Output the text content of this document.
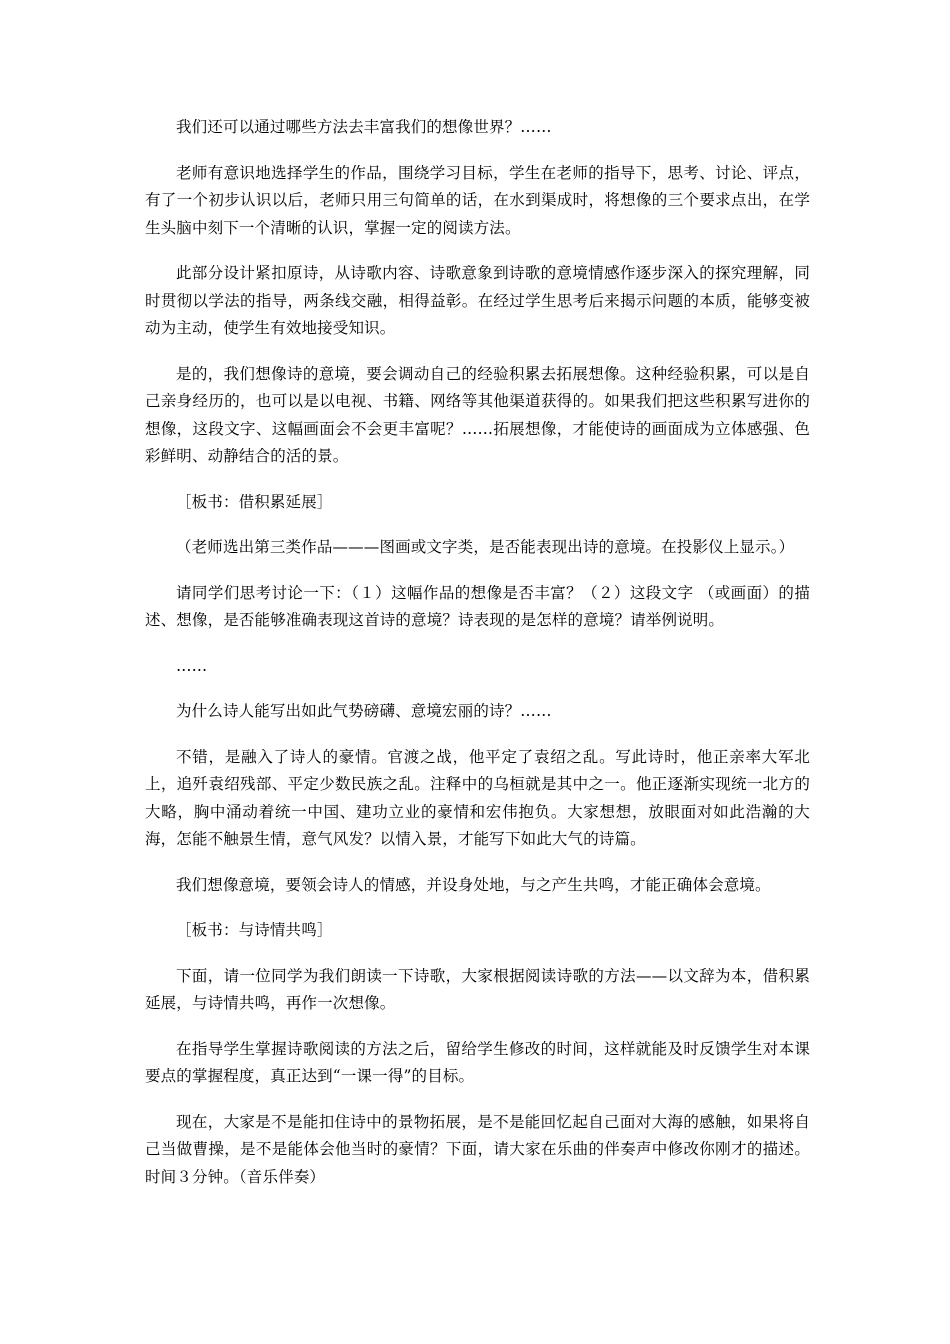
我们还可以通过哪些方法去丰富我们的想像世界？……

老师有意识地选择学生的作品，围绕学习目标，学生在老师的指导下，思考、讨论、评点，有了一个初步认识以后，老师只用三句简单的话，在水到渠成时，将想像的三个要求点出，在学生头脑中刻下一个清晰的认识，掌握一定的阅读方法。

此部分设计紧扣原诗，从诗歌内容、诗歌意象到诗歌的意境情感作逐步深入的探究理解，同时贯彻以学法的指导，两条线交融，相得益彰。在经过学生思考后来揭示问题的本质，能够变被动为主动，使学生有效地接受知识。

是的，我们想像诗的意境，要会调动自己的经验积累去拓展想像。这种经验积累，可以是自己亲身经历的，也可以是以电视、书籍、网络等其他渠道获得的。如果我们把这些积累写进你的想像，这段文字、这幅画面会不会更丰富呢？……拓展想像，才能使诗的画面成为立体感强、色彩鲜明、动静结合的活的景。

［板书：借积累延展］

（老师选出第三类作品———图画或文字类，是否能表现出诗的意境。在投影仪上显示。）

请同学们思考讨论一下：（１）这幅作品的想像是否丰富？（２）这段文字 （或画面）的描述、想像，是否能够准确表现这首诗的意境？诗表现的是怎样的意境？请举例说明。

……

为什么诗人能写出如此气势磅礴、意境宏丽的诗？……

不错，是融入了诗人的豪情。官渡之战，他平定了袁绍之乱。写此诗时，他正亲率大军北上，追歼袁绍残部、平定少数民族之乱。注释中的乌桓就是其中之一。他正逐渐实现统一北方的大略，胸中涌动着统一中国、建功立业的豪情和宏伟抱负。大家想想，放眼面对如此浩瀚的大海，怎能不触景生情，意气风发？以情入景，才能写下如此大气的诗篇。

我们想像意境，要领会诗人的情感，并设身处地，与之产生共鸣，才能正确体会意境。

［板书：与诗情共鸣］

下面，请一位同学为我们朗读一下诗歌，大家根据阅读诗歌的方法——以文辞为本，借积累延展，与诗情共鸣，再作一次想像。

在指导学生掌握诗歌阅读的方法之后，留给学生修改的时间，这样就能及时反馈学生对本课要点的掌握程度，真正达到“一课一得”的目标。

现在，大家是不是能扣住诗中的景物拓展，是不是能回忆起自己面对大海的感触，如果将自己当做曹操，是不是能体会他当时的豪情？下面，请大家在乐曲的伴奏声中修改你刚才的描述。时间３分钟。（音乐伴奏）
